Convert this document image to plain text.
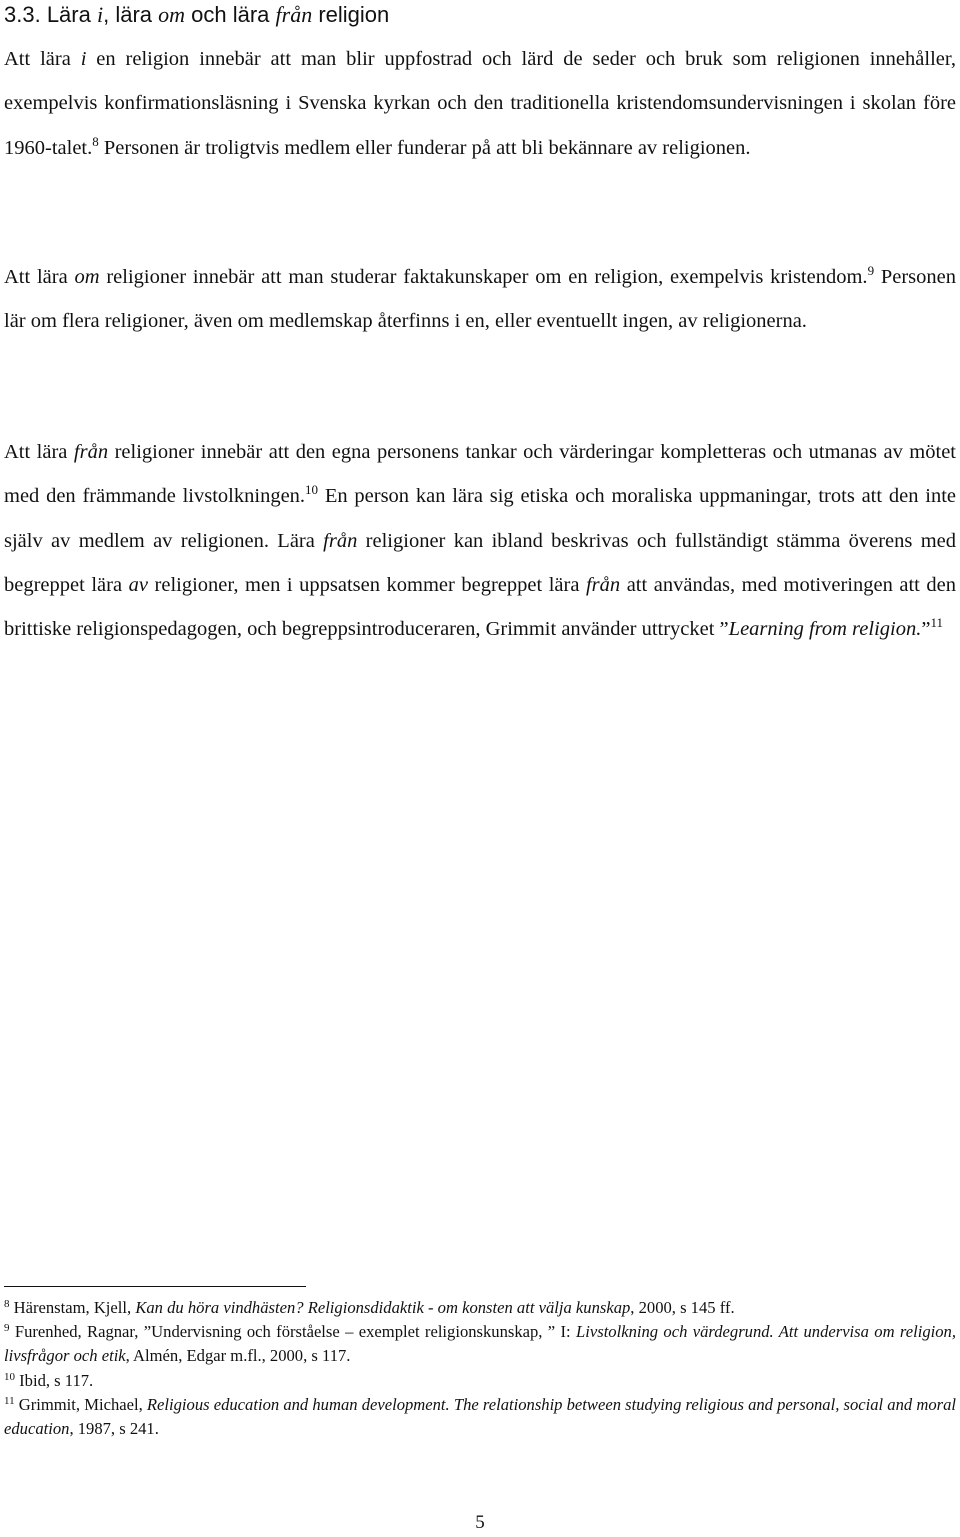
3.3. Lära i, lära om och lära från religion

Att lära i en religion innebär att man blir uppfostrad och lärd de seder och bruk som religionen innehåller, exempelvis konfirmationsläsning i Svenska kyrkan och den traditionella kristendomsundervisningen i skolan före 1960-talet.$^8$ Personen är troligtvis medlem eller funderar på att bli bekännare av religionen.

Att lära om religioner innebär att man studerar faktakunskaper om en religion, exempelvis kristendom.$^9$ Personen lär om flera religioner, även om medlemskap återfinns i en, eller eventuellt ingen, av religionerna.

Att lära från religioner innebär att den egna personens tankar och värderingar kompletteras och utmanas av mötet med den främmande livstolkningen.$^{10}$ En person kan lära sig etiska och moraliska uppmaningar, trots att den inte själv av medlem av religionen. Lära från religioner kan ibland beskrivas och fullständigt stämma överens med begreppet lära av religioner, men i uppsatsen kommer begreppet lära från att användas, med motiveringen att den brittiske religionspedagogen, och begreppsintroduceraren, Grimmit använder uttrycket ”Learning from religion.”$^{11}$

$^8$ Härenstam, Kjell, Kan du höra vindhästen? Religionsdidaktik - om konsten att välja kunskap, 2000, s 145 ff.

$^9$ Furenhed, Ragnar, ”Undervisning och förståelse – exemplet religionskunskap, ” I: Livstolkning och värdegrund. Att undervisa om religion, livsfrågor och etik, Almén, Edgar m.fl., 2000, s 117.

$^{10}$ Ibid, s 117.

$^{11}$ Grimmit, Michael, Religious education and human development. The relationship between studying religious and personal, social and moral education, 1987, s 241.

5
